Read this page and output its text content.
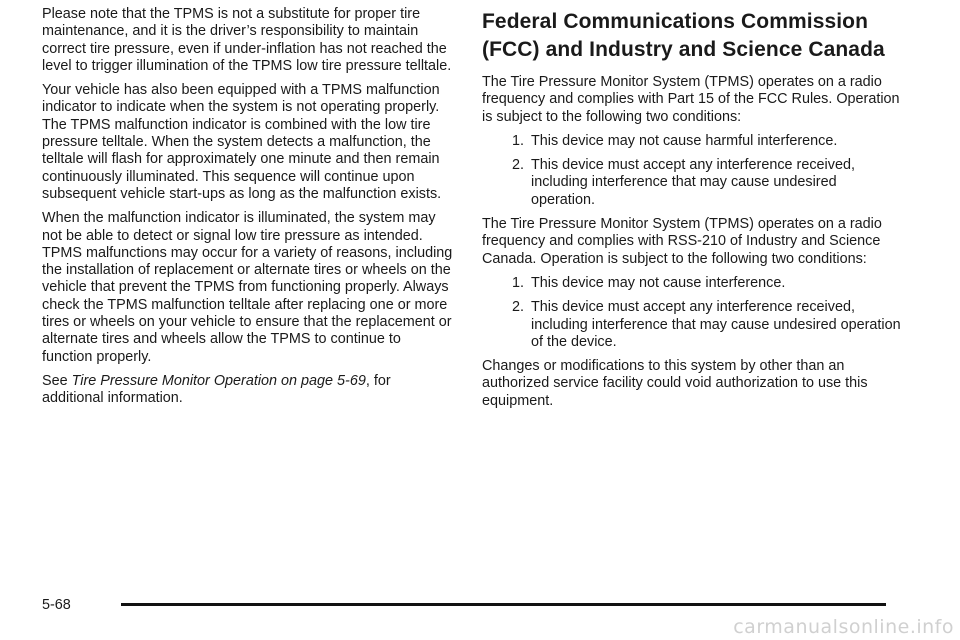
Please note that the TPMS is not a substitute for proper tire maintenance, and it is the driver’s responsibility to maintain correct tire pressure, even if under-inflation has not reached the level to trigger illumination of the TPMS low tire pressure telltale.

Your vehicle has also been equipped with a TPMS malfunction indicator to indicate when the system is not operating properly. The TPMS malfunction indicator is combined with the low tire pressure telltale. When the system detects a malfunction, the telltale will flash for approximately one minute and then remain continuously illuminated. This sequence will continue upon subsequent vehicle start-ups as long as the malfunction exists.

When the malfunction indicator is illuminated, the system may not be able to detect or signal low tire pressure as intended. TPMS malfunctions may occur for a variety of reasons, including the installation of replacement or alternate tires or wheels on the vehicle that prevent the TPMS from functioning properly. Always check the TPMS malfunction telltale after replacing one or more tires or wheels on your vehicle to ensure that the replacement or alternate tires and wheels allow the TPMS to continue to function properly.

See Tire Pressure Monitor Operation on page 5-69, for additional information.

Federal Communications Commission (FCC) and Industry and Science Canada

The Tire Pressure Monitor System (TPMS) operates on a radio frequency and complies with Part 15 of the FCC Rules. Operation is subject to the following two conditions:

1. This device may not cause harmful interference.
2. This device must accept any interference received, including interference that may cause undesired operation.

The Tire Pressure Monitor System (TPMS) operates on a radio frequency and complies with RSS-210 of Industry and Science Canada. Operation is subject to the following two conditions:

1. This device may not cause interference.
2. This device must accept any interference received, including interference that may cause undesired operation of the device.

Changes or modifications to this system by other than an authorized service facility could void authorization to use this equipment.

5-68
carmanualsonline.info
